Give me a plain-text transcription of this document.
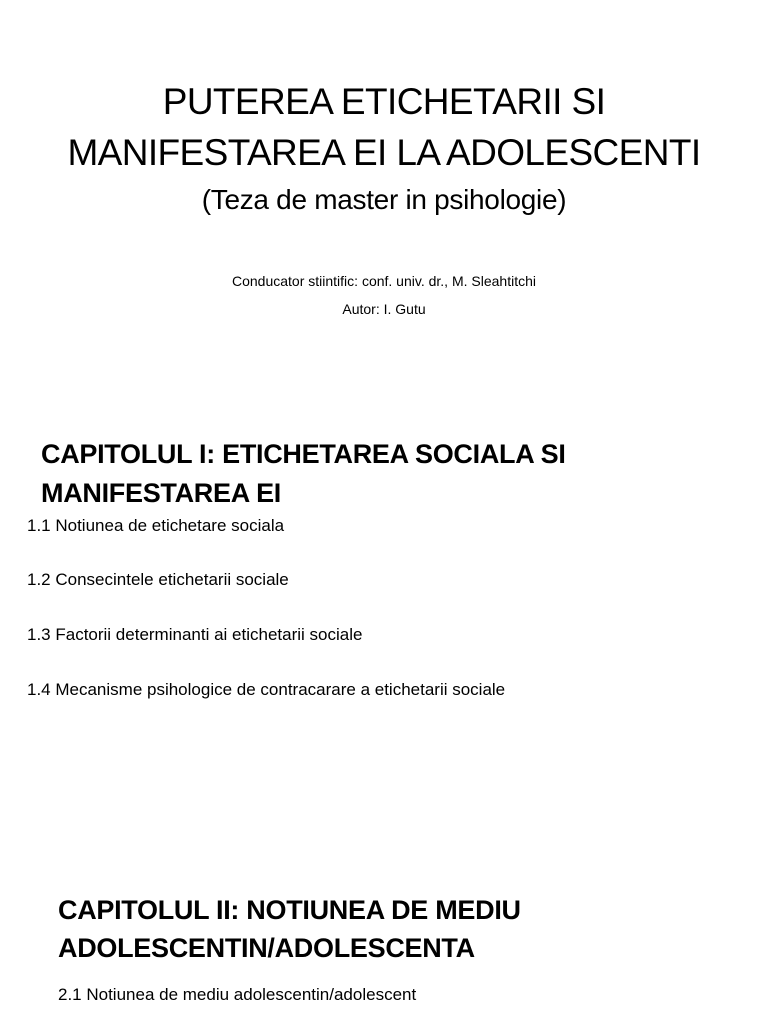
PUTEREA ETICHETARII SI
MANIFESTAREA EI LA ADOLESCENTI
(Teza de master in psihologie)
Conducator stiintific: conf. univ. dr., M. Sleahtitchi
Autor: I. Gutu
CAPITOLUL I: ETICHETAREA SOCIALA SI
MANIFESTAREA EI
1.1 Notiunea de etichetare sociala
1.2 Consecintele etichetarii sociale
1.3 Factorii determinanti ai etichetarii sociale
1.4 Mecanisme psihologice de contracarare a etichetarii sociale
CAPITOLUL II: NOTIUNEA DE MEDIU
ADOLESCENTIN/ADOLESCENTA
2.1 Notiunea de mediu adolescentin/adolescent
